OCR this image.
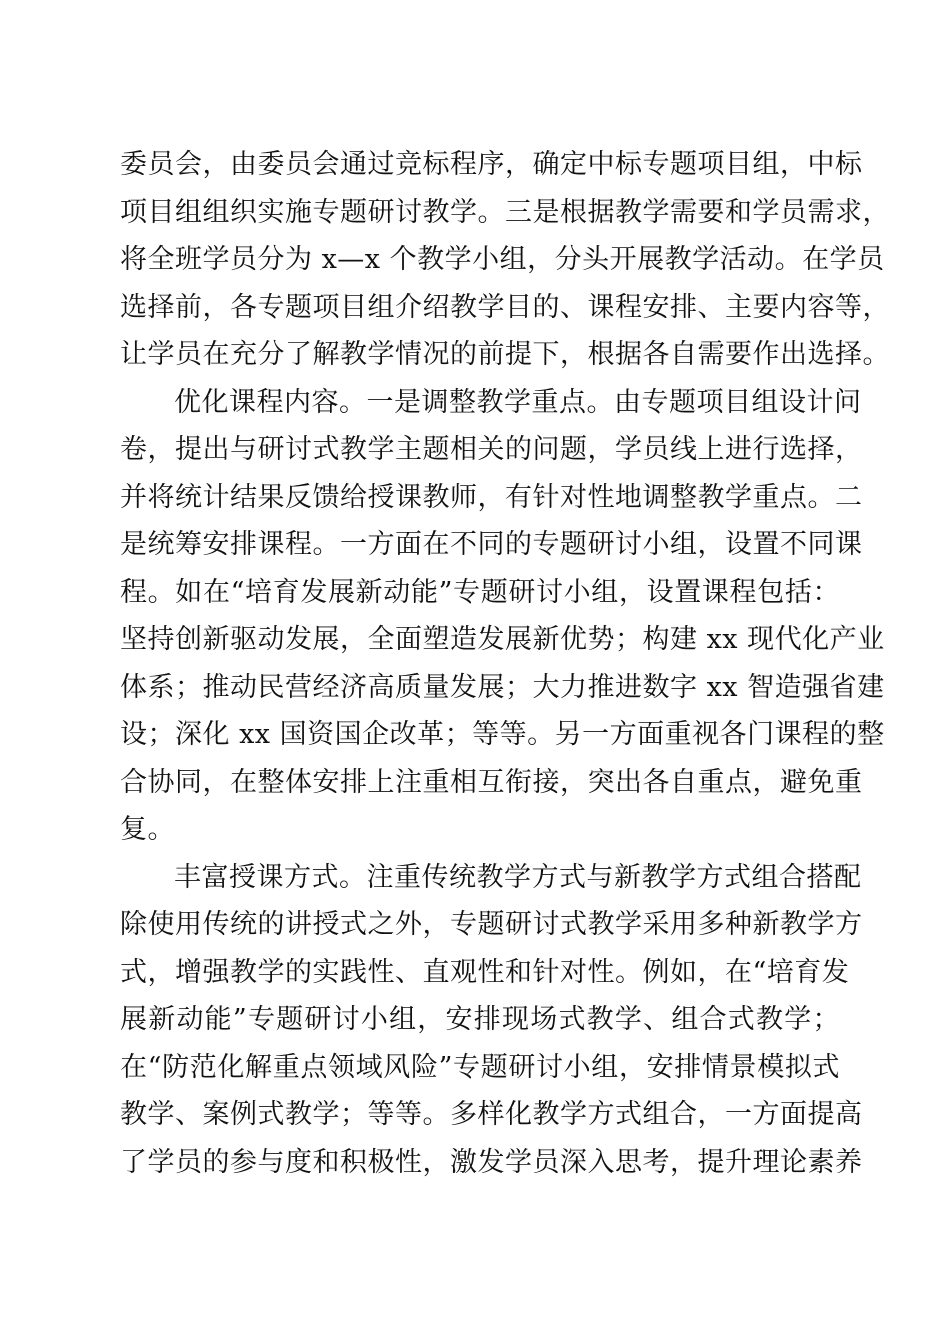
委员会，由委员会通过竞标程序，确定中标专题项目组，中标
项目组组织实施专题研讨教学。三是根据教学需要和学员需求，
将全班学员分为 x—x 个教学小组，分头开展教学活动。在学员
选择前，各专题项目组介绍教学目的、课程安排、主要内容等，
让学员在充分了解教学情况的前提下，根据各自需要作出选择。
优化课程内容。一是调整教学重点。由专题项目组设计问
卷，提出与研讨式教学主题相关的问题，学员线上进行选择，
并将统计结果反馈给授课教师，有针对性地调整教学重点。二
是统筹安排课程。一方面在不同的专题研讨小组，设置不同课
程。如在“培育发展新动能”专题研讨小组，设置课程包括：
坚持创新驱动发展，全面塑造发展新优势；构建 xx 现代化产业
体系；推动民营经济高质量发展；大力推进数字 xx 智造强省建
设；深化 xx 国资国企改革；等等。另一方面重视各门课程的整
合协同，在整体安排上注重相互衔接，突出各自重点，避免重
复。
丰富授课方式。注重传统教学方式与新教学方式组合搭配
除使用传统的讲授式之外，专题研讨式教学采用多种新教学方
式，增强教学的实践性、直观性和针对性。例如，在“培育发
展新动能”专题研讨小组，安排现场式教学、组合式教学；
在“防范化解重点领域风险”专题研讨小组，安排情景模拟式
教学、案例式教学；等等。多样化教学方式组合，一方面提高
了学员的参与度和积极性，激发学员深入思考，提升理论素养
